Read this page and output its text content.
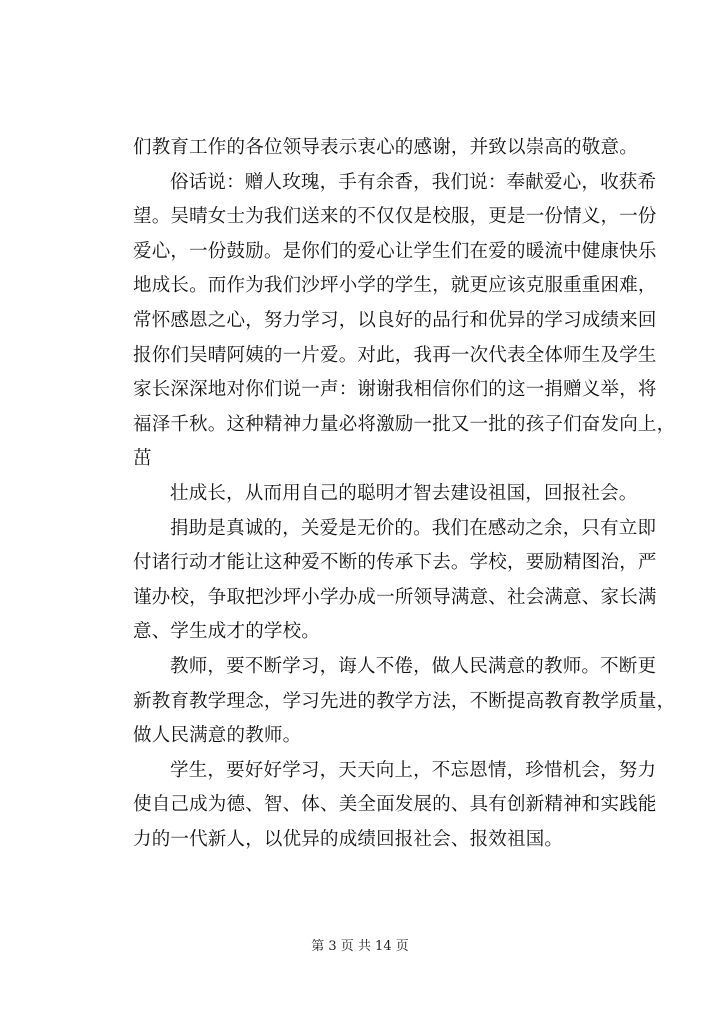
们教育工作的各位领导表示衷心的感谢，并致以崇高的敬意。
俗话说：赠人玫瑰，手有余香，我们说：奉献爱心，收获希
望。吴晴女士为我们送来的不仅仅是校服，更是一份情义，一份
爱心，一份鼓励。是你们的爱心让学生们在爱的暖流中健康快乐
地成长。而作为我们沙坪小学的学生，就更应该克服重重困难，
常怀感恩之心，努力学习，以良好的品行和优异的学习成绩来回
报你们吴晴阿姨的一片爱。对此，我再一次代表全体师生及学生
家长深深地对你们说一声：谢谢我相信你们的这一捐赠义举，将
福泽千秋。这种精神力量必将激励一批又一批的孩子们奋发向上，
茁
壮成长，从而用自己的聪明才智去建设祖国，回报社会。
捐助是真诚的，关爱是无价的。我们在感动之余，只有立即
付诸行动才能让这种爱不断的传承下去。学校，要励精图治，严
谨办校，争取把沙坪小学办成一所领导满意、社会满意、家长满
意、学生成才的学校。
教师，要不断学习，诲人不倦，做人民满意的教师。不断更
新教育教学理念，学习先进的教学方法，不断提高教育教学质量，
做人民满意的教师。
学生，要好好学习，天天向上，不忘恩情，珍惜机会，努力
使自己成为德、智、体、美全面发展的、具有创新精神和实践能
力的一代新人，以优异的成绩回报社会、报效祖国。
第 3 页 共 14 页
